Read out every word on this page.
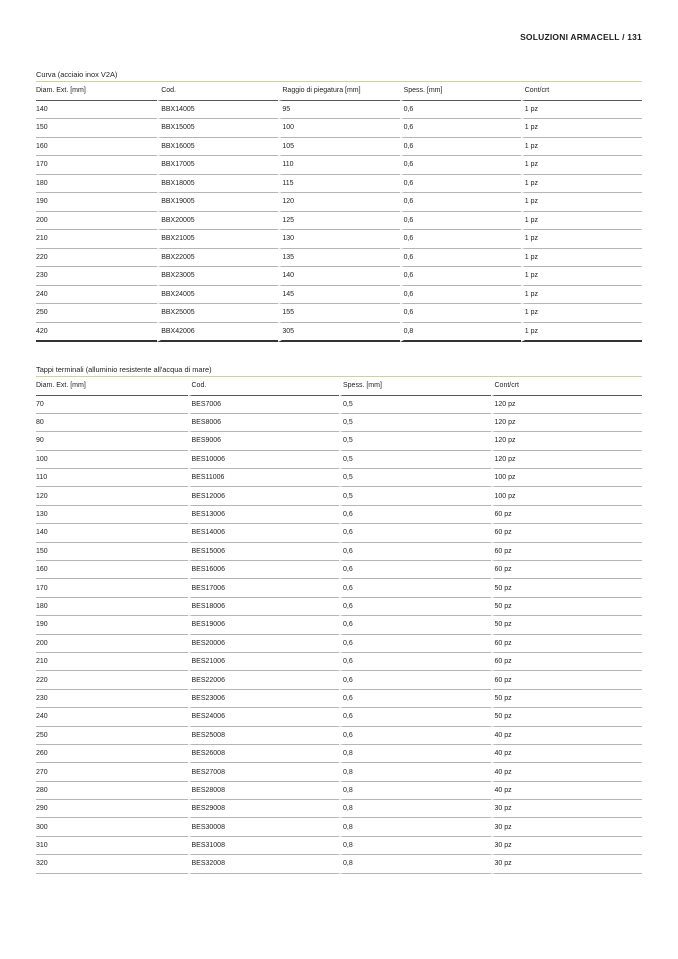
SOLUZIONI ARMACELL / 131
Curva (acciaio inox V2A)
Diam. Ext. [mm]	Cod.	Raggio di piegatura [mm]	Spess. [mm]	Cont/crt
140	BBX14005	95	0,6	1 pz
150	BBX15005	100	0,6	1 pz
160	BBX16005	105	0,6	1 pz
170	BBX17005	110	0,6	1 pz
180	BBX18005	115	0,6	1 pz
190	BBX19005	120	0,6	1 pz
200	BBX20005	125	0,6	1 pz
210	BBX21005	130	0,6	1 pz
220	BBX22005	135	0,6	1 pz
230	BBX23005	140	0,6	1 pz
240	BBX24005	145	0,6	1 pz
250	BBX25005	155	0,6	1 pz
420	BBX42006	305	0,8	1 pz
Tappi terminali (alluminio resistente all'acqua di mare)
Diam. Ext. [mm]	Cod.	Spess. [mm]	Cont/crt
70	BES7006	0,5	120 pz
80	BES8006	0,5	120 pz
90	BES9006	0,5	120 pz
100	BES10006	0,5	120 pz
110	BES11006	0,5	100 pz
120	BES12006	0,5	100 pz
130	BES13006	0,6	60 pz
140	BES14006	0,6	60 pz
150	BES15006	0,6	60 pz
160	BES16006	0,6	60 pz
170	BES17006	0,6	50 pz
180	BES18006	0,6	50 pz
190	BES19006	0,6	50 pz
200	BES20006	0,6	60 pz
210	BES21006	0,6	60 pz
220	BES22006	0,6	60 pz
230	BES23006	0,6	50 pz
240	BES24006	0,6	50 pz
250	BES25008	0,6	40 pz
260	BES26008	0,8	40 pz
270	BES27008	0,8	40 pz
280	BES28008	0,8	40 pz
290	BES29008	0,8	30 pz
300	BES30008	0,8	30 pz
310	BES31008	0,8	30 pz
320	BES32008	0,8	30 pz
